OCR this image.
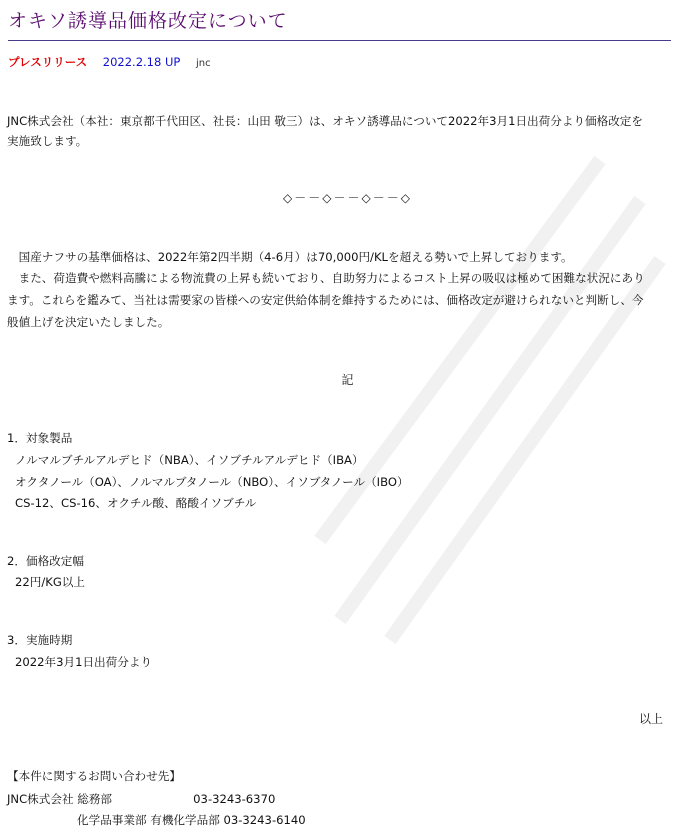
オキソ誘導品価格改定について
プレスリリース 2022.2.18 UP jnc
JNC株式会社（本社：東京都千代田区、社長：山田 敬三）は、オキソ誘導品について2022年3月1日出荷分より価格改定を
実施致します。
◇－－◇－－◇－－◇
　国産ナフサの基準価格は、2022年第2四半期（4-6月）は70,000円/KLを超える勢いで上昇しております。
　また、荷造費や燃料高騰による物流費の上昇も続いており、自助努力によるコスト上昇の吸収は極めて困難な状況にあり
ます。これらを鑑みて、当社は需要家の皆様への安定供給体制を維持するためには、価格改定が避けられないと判断し、今
般値上げを決定いたしました。
記
1．対象製品
ノルマルブチルアルデヒド（NBA）、イソブチルアルデヒド（IBA）
オクタノール（OA）、ノルマルブタノール（NBO）、イソブタノール（IBO）
CS-12、CS-16、オクチル酸、酪酸イソブチル
2．価格改定幅
22円/KG以上
3．実施時期
2022年3月1日出荷分より
以上
【本件に関するお問い合わせ先】
JNC株式会社 総務部　　　　　　　03-3243-6370
化学品事業部 有機化学品部 03-3243-6140
